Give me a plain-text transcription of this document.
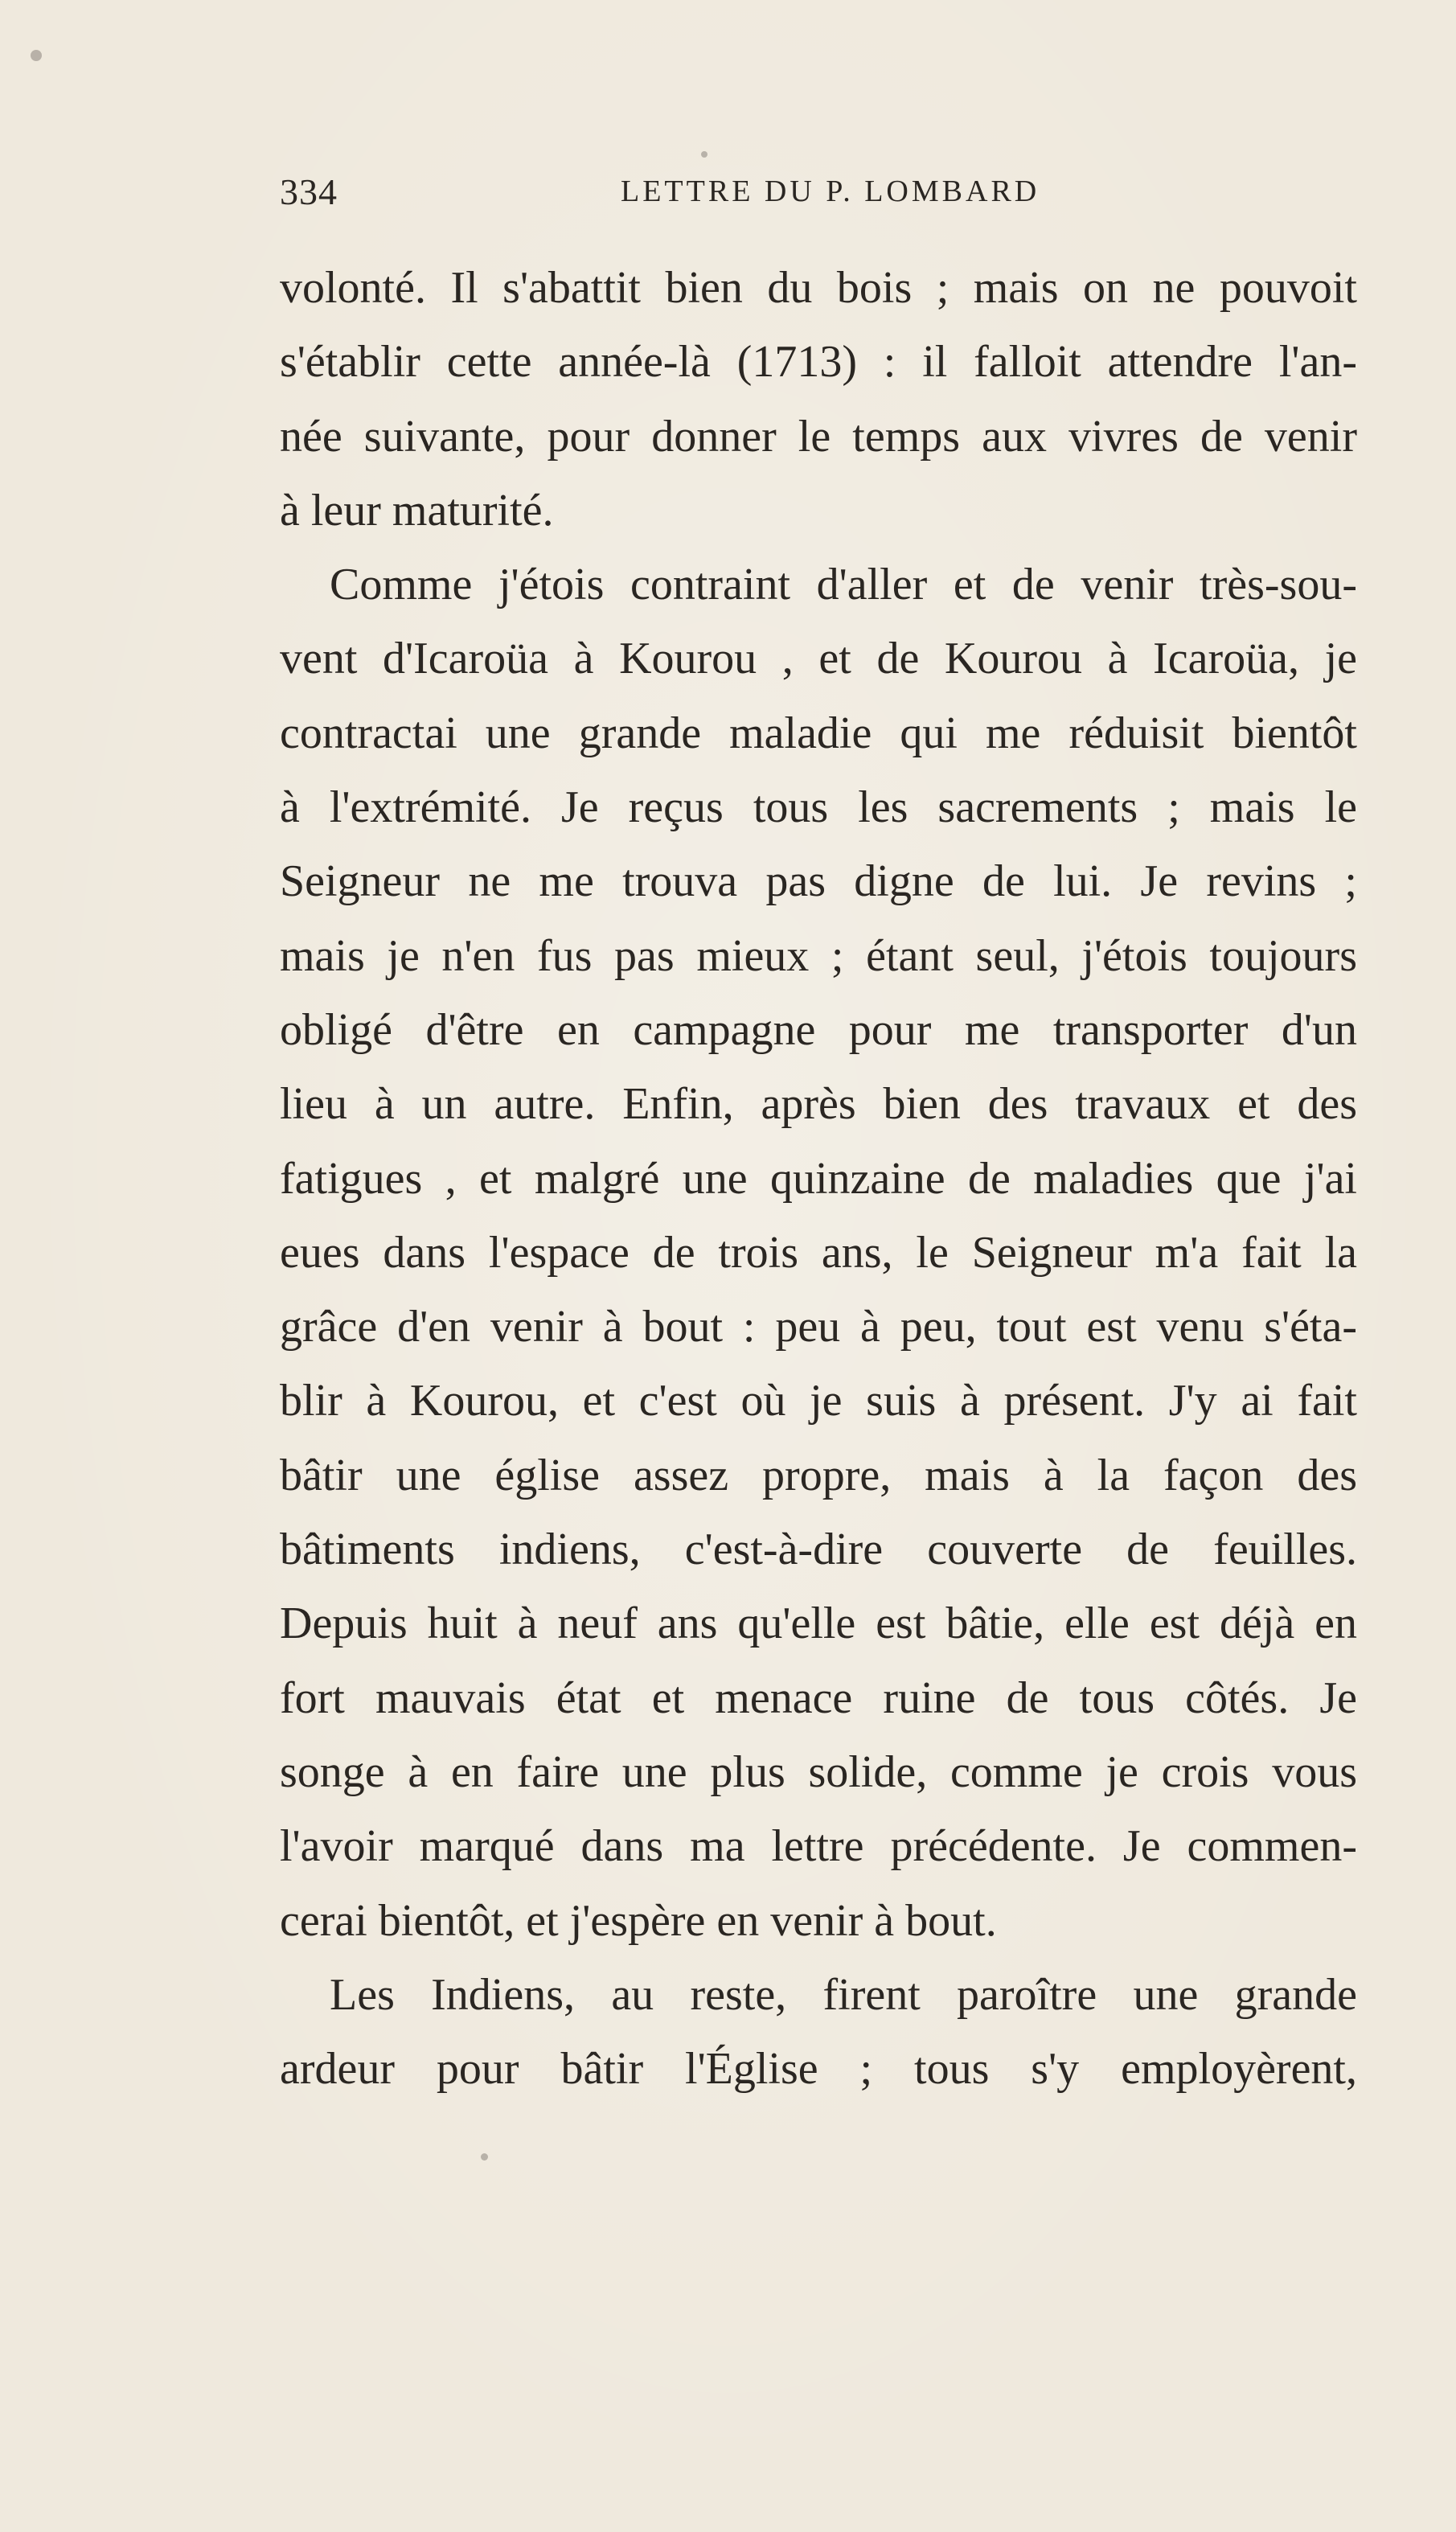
334	LETTRE DU P. LOMBARD
volonté. Il s'abattit bien du bois ; mais on ne pouvoit
s'établir cette année-là (1713) : il falloit attendre l'an-
née suivante, pour donner le temps aux vivres de venir
à leur maturité.
Comme j'étois contraint d'aller et de venir très-sou-
vent d'Icaroüa à Kourou , et de Kourou à Icaroüa, je
contractai une grande maladie qui me réduisit bientôt
à l'extrémité. Je reçus tous les sacrements ; mais le
Seigneur ne me trouva pas digne de lui. Je revins ;
mais je n'en fus pas mieux ; étant seul, j'étois toujours
obligé d'être en campagne pour me transporter d'un
lieu à un autre. Enfin, après bien des travaux et des
fatigues , et malgré une quinzaine de maladies que j'ai
eues dans l'espace de trois ans, le Seigneur m'a fait la
grâce d'en venir à bout : peu à peu, tout est venu s'éta-
blir à Kourou, et c'est où je suis à présent. J'y ai fait
bâtir une église assez propre, mais à la façon des
bâtiments indiens, c'est-à-dire couverte de feuilles.
Depuis huit à neuf ans qu'elle est bâtie, elle est déjà en
fort mauvais état et menace ruine de tous côtés. Je
songe à en faire une plus solide, comme je crois vous
l'avoir marqué dans ma lettre précédente. Je commen-
cerai bientôt, et j'espère en venir à bout.
Les Indiens, au reste, firent paroître une grande
ardeur pour bâtir l'Église ; tous s'y employèrent,
